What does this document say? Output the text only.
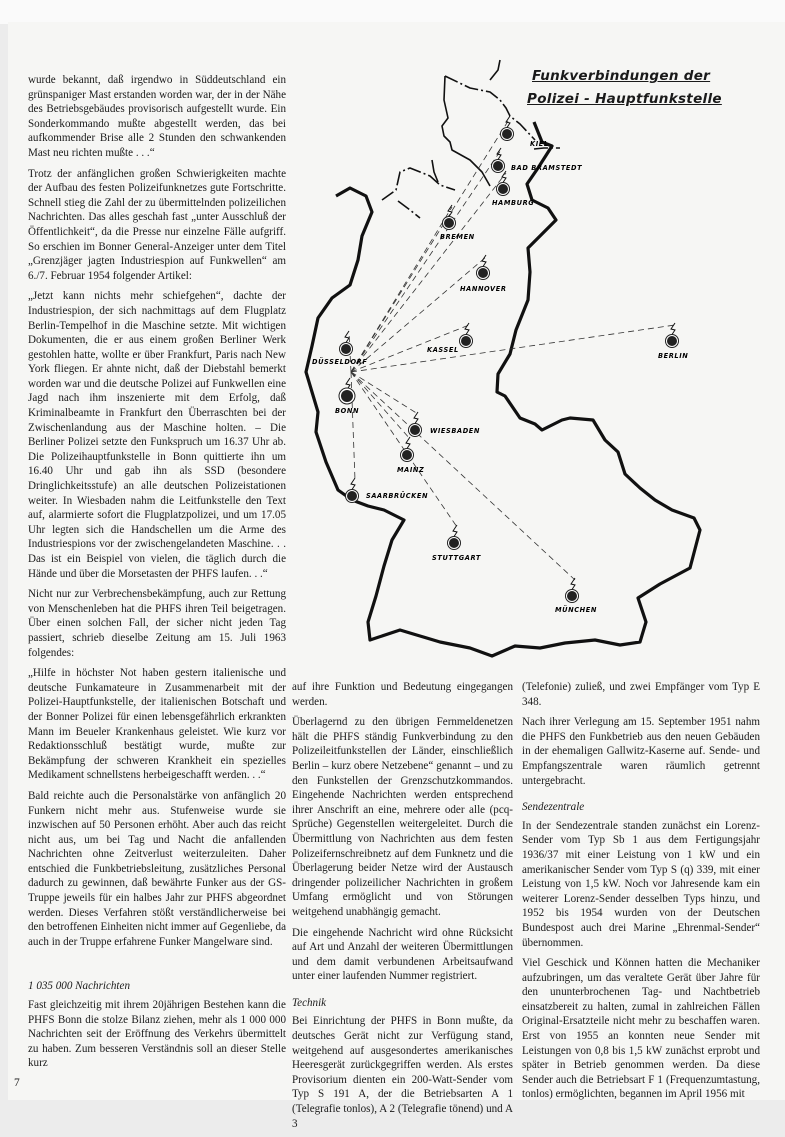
wurde bekannt, daß irgendwo in Süddeutschland ein grünspaniger Mast erstanden worden war, der in der Nähe des Betriebsgebäudes provisorisch aufgestellt wurde. Ein Sonderkommando mußte abgestellt werden, das bei aufkommender Brise alle 2 Stunden den schwankenden Mast neu richten mußte . . .“

Trotz der anfänglichen großen Schwierigkeiten machte der Aufbau des festen Polizeifunknetzes gute Fortschritte. Schnell stieg die Zahl der zu übermittelnden polizeilichen Nachrichten. Das alles geschah fast „unter Ausschluß der Öffentlichkeit“, da die Presse nur einzelne Fälle aufgriff. So erschien im Bonner General-Anzeiger unter dem Titel „Grenzjäger jagten Industriespion auf Funkwellen“ am 6./7. Februar 1954 folgender Artikel:

„Jetzt kann nichts mehr schiefgehen“, dachte der Industriespion, der sich nachmittags auf dem Flugplatz Berlin-Tempelhof in die Maschine setzte. Mit wichtigen Dokumenten, die er aus einem großen Berliner Werk gestohlen hatte, wollte er über Frankfurt, Paris nach New York fliegen. Er ahnte nicht, daß der Diebstahl bemerkt worden war und die deutsche Polizei auf Funkwellen eine Jagd nach ihm inszenierte mit dem Erfolg, daß Kriminalbeamte in Frankfurt den Überraschten bei der Zwischenlandung aus der Maschine holten. – Die Berliner Polizei setzte den Funkspruch um 16.37 Uhr ab. Die Polizeihauptfunkstelle in Bonn quittierte ihn um 16.40 Uhr und gab ihn als SSD (besondere Dringlichkeitsstufe) an alle deutschen Polizeistationen weiter. In Wiesbaden nahm die Leitfunkstelle den Text auf, alarmierte sofort die Flugplatzpolizei, und um 17.05 Uhr legten sich die Handschellen um die Arme des Industriespions vor der zwischengelandeten Maschine. . . Das ist ein Beispiel von vielen, die täglich durch die Hände und über die Morsetasten der PHFS laufen. . .“

Nicht nur zur Verbrechensbekämpfung, auch zur Rettung von Menschenleben hat die PHFS ihren Teil beigetragen. Über einen solchen Fall, der sicher nicht jeden Tag passiert, schrieb dieselbe Zeitung am 15. Juli 1963 folgendes:

„Hilfe in höchster Not haben gestern italienische und deutsche Funkamateure in Zusammenarbeit mit der Polizei-Hauptfunkstelle, der italienischen Botschaft und der Bonner Polizei für einen lebensgefährlich erkrankten Mann im Beueler Krankenhaus geleistet. Wie kurz vor Redaktionsschluß bestätigt wurde, mußte zur Bekämpfung der schweren Krankheit ein spezielles Medikament schnellstens herbeigeschafft werden. . .“

Bald reichte auch die Personalstärke von anfänglich 20 Funkern nicht mehr aus. Stufenweise wurde sie inzwischen auf 50 Personen erhöht. Aber auch das reicht nicht aus, um bei Tag und Nacht die anfallenden Nachrichten ohne Zeitverlust weiterzuleiten. Daher entschied die Funkbetriebsleitung, zusätzliches Personal dadurch zu gewinnen, daß bewährte Funker aus der GS-Truppe jeweils für ein halbes Jahr zur PHFS abgeordnet werden. Dieses Verfahren stößt verständlicherweise bei den betroffenen Einheiten nicht immer auf Gegenliebe, da auch in der Truppe erfahrene Funker Mangelware sind.

1 035 000 Nachrichten

Fast gleichzeitig mit ihrem 20jährigen Bestehen kann die PHFS Bonn die stolze Bilanz ziehen, mehr als 1 000 000 Nachrichten seit der Eröffnung des Verkehrs übermittelt zu haben. Zum besseren Verständnis soll an dieser Stelle kurz

auf ihre Funktion und Bedeutung eingegangen werden.

Überlagernd zu den übrigen Fernmeldenetzen hält die PHFS ständig Funkverbindung zu den Polizeileitfunkstellen der Länder, einschließlich Berlin – kurz obere Netzebene“ genannt – und zu den Funkstellen der Grenzschutzkommandos. Eingehende Nachrichten werden entsprechend ihrer Anschrift an eine, mehrere oder alle (pcq-Sprüche) Gegenstellen weitergeleitet. Durch die Übermittlung von Nachrichten aus dem festen Polizeifernschreibnetz auf dem Funknetz und die Überlagerung beider Netze wird der Austausch dringender polizeilicher Nachrichten in großem Umfang ermöglicht und von Störungen weitgehend unabhängig gemacht.

Die eingehende Nachricht wird ohne Rücksicht auf Art und Anzahl der weiteren Übermittlungen und dem damit verbundenen Arbeitsaufwand unter einer laufenden Nummer registriert.

Technik

Bei Einrichtung der PHFS in Bonn mußte, da deutsches Gerät nicht zur Verfügung stand, weitgehend auf ausgesondertes amerikanisches Heeresgerät zurückgegriffen werden. Als erstes Provisorium dienten ein 200-Watt-Sender vom Typ S 191 A, der die Betriebsarten A 1 (Telegrafie tonlos), A 2 (Telegrafie tönend) und A 3

(Telefonie) zuließ, und zwei Empfänger vom Typ E 348.

Nach ihrer Verlegung am 15. September 1951 nahm die PHFS den Funkbetrieb aus den neuen Gebäuden in der ehemaligen Gallwitz-Kaserne auf. Sende- und Empfangszentrale waren räumlich getrennt untergebracht.

Sendezentrale

In der Sendezentrale standen zunächst ein Lorenz-Sender vom Typ Sb 1 aus dem Fertigungsjahr 1936/37 mit einer Leistung von 1 kW und ein amerikanischer Sender vom Typ S (q) 339, mit einer Leistung von 1,5 kW. Noch vor Jahresende kam ein weiterer Lorenz-Sender desselben Typs hinzu, und 1952 bis 1954 wurden von der Deutschen Bundespost auch drei Marine „Ehrenmal-Sender“ übernommen.

Viel Geschick und Können hatten die Mechaniker aufzubringen, um das veraltete Gerät über Jahre für den ununterbrochenen Tag- und Nachtbetrieb einsatzbereit zu halten, zumal in zahlreichen Fällen Original-Ersatzteile nicht mehr zu beschaffen waren. Erst von 1955 an konnten neue Sender mit Leistungen von 0,8 bis 1,5 kW zunächst erprobt und später in Betrieb genommen werden. Da diese Sender auch die Betriebsart F 1 (Frequenzumtastung, tonlos) ermöglichten, begannen im April 1956 mit

7
Funkverbindungen der
Polizei - Hauptfunkstelle
KIEL
BAD BRAMSTEDT
HAMBURG
BREMEN
HANNOVER
KASSEL
BERLIN
DÜSSELDORF
BONN
WIESBADEN
MAINZ
SAARBRÜCKEN
STUTTGART
MÜNCHEN
